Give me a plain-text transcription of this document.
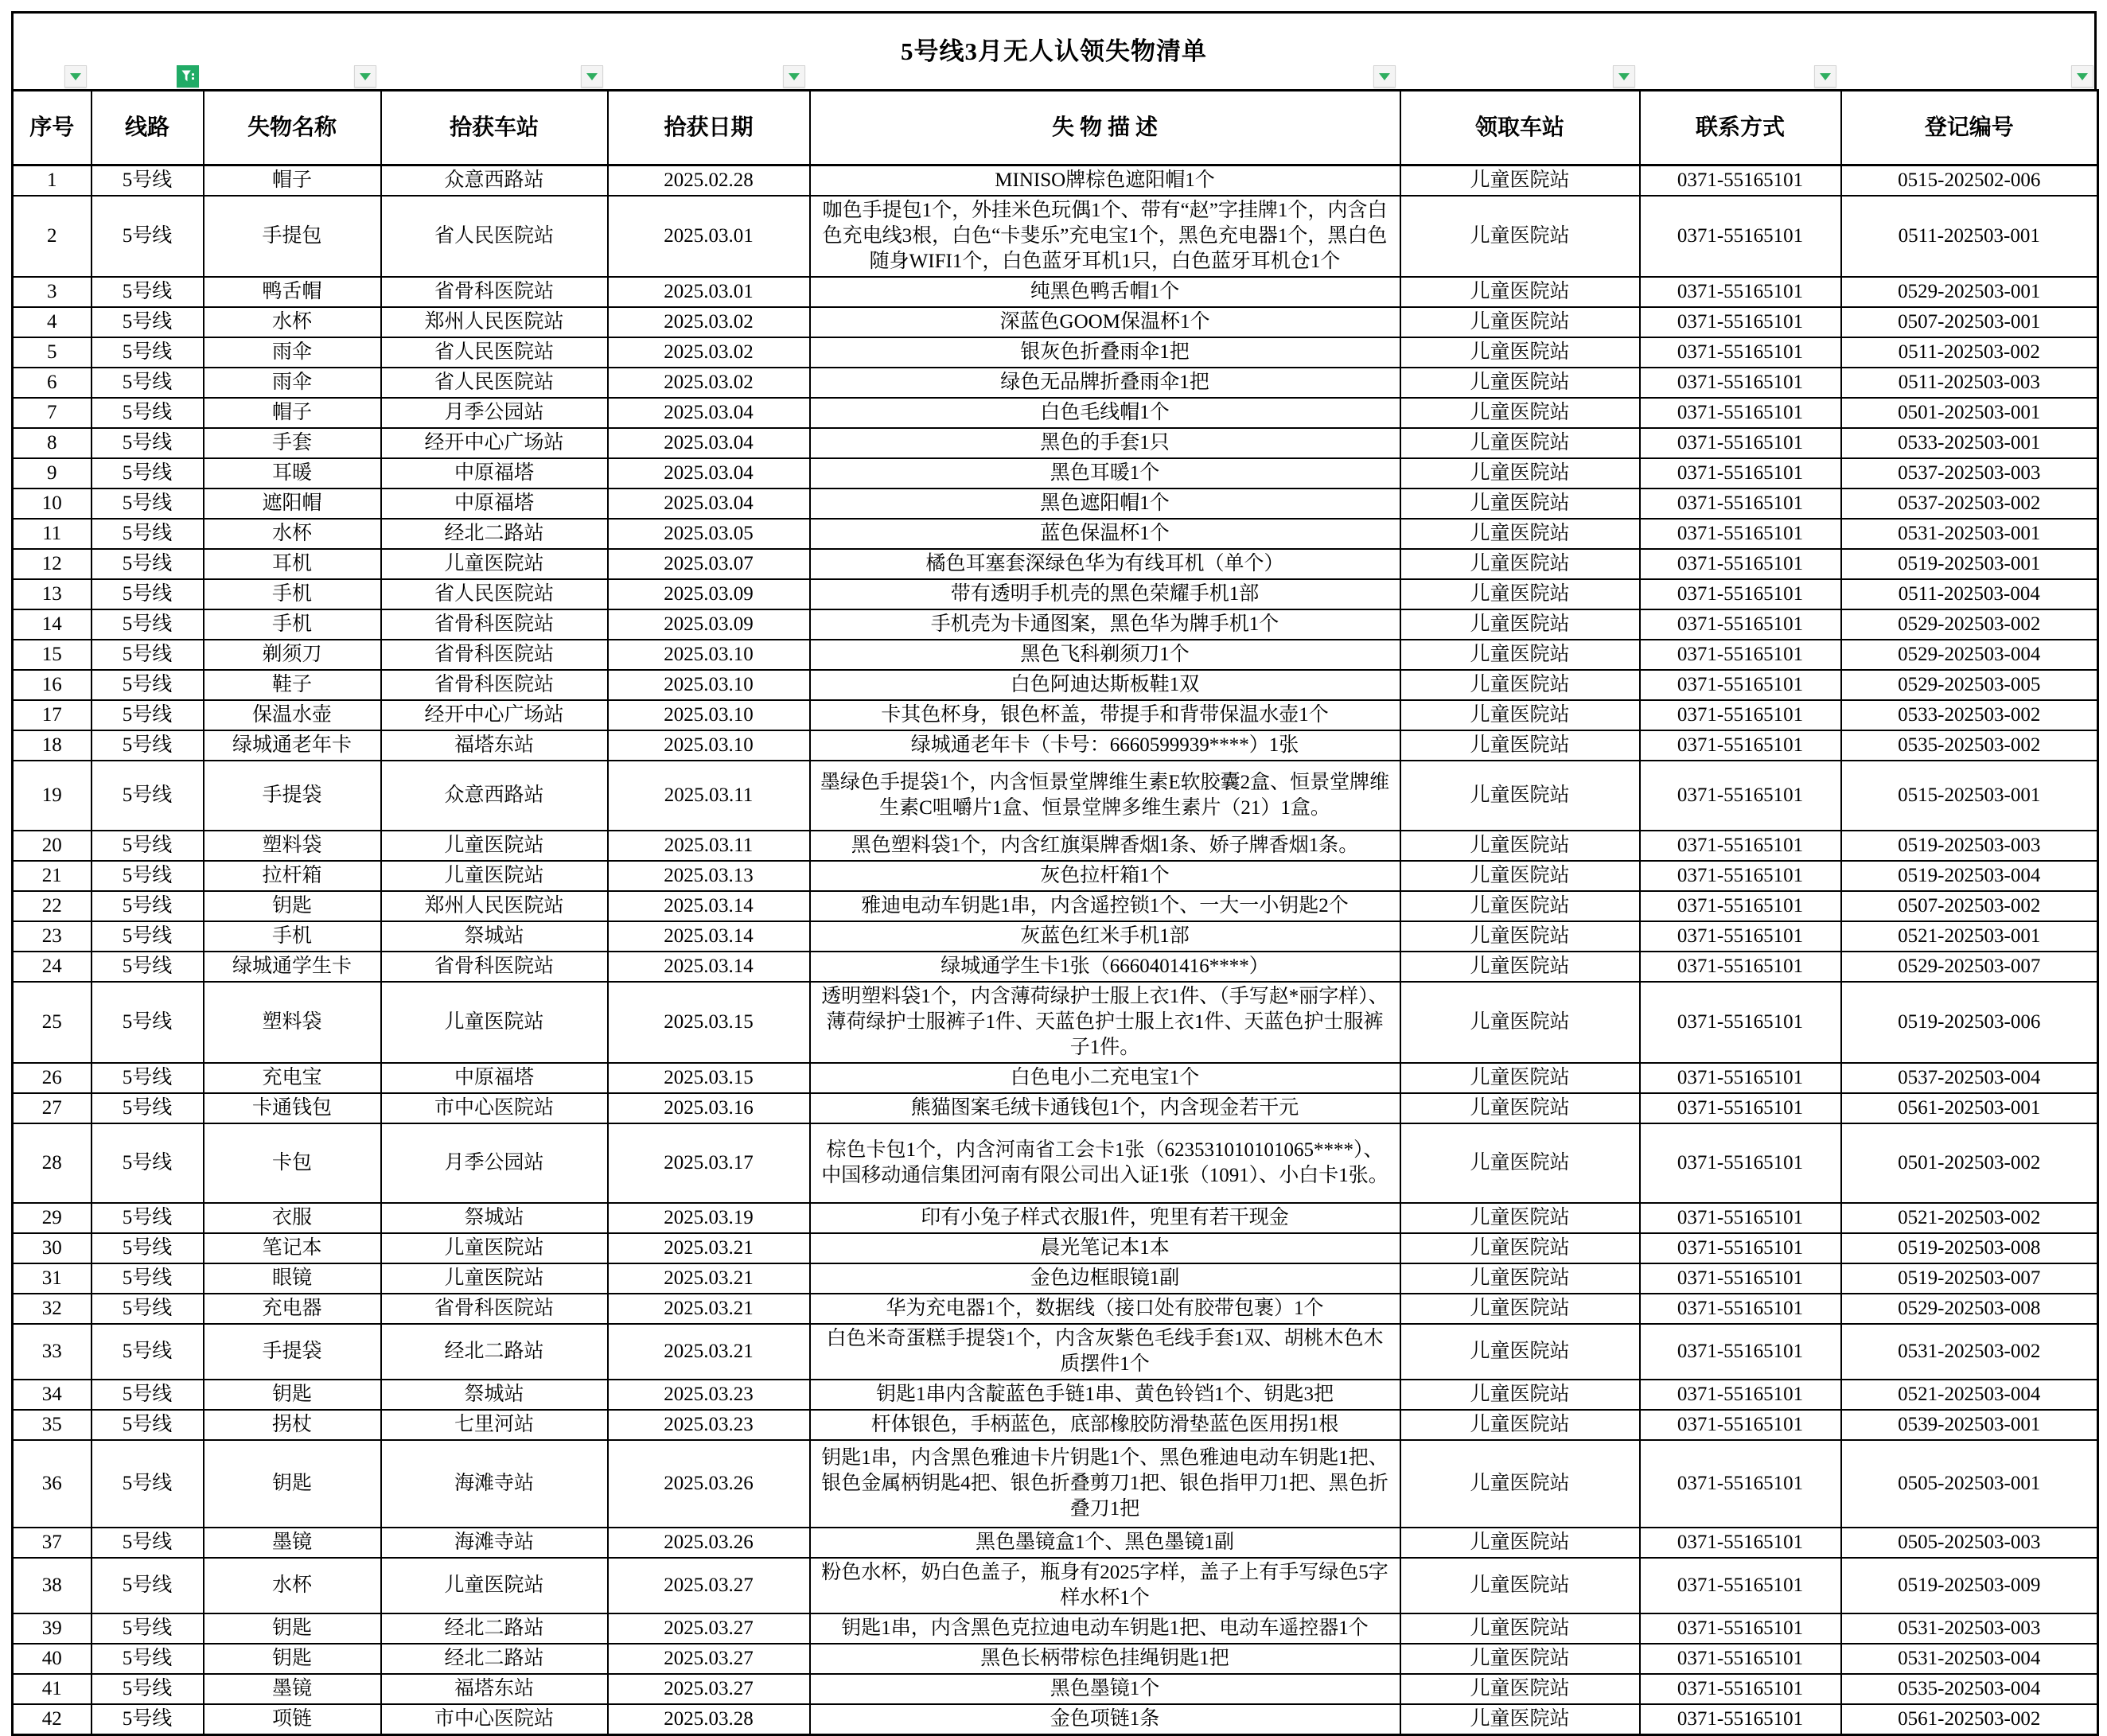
5号线3月无人认领失物清单
序号	线路	失物名称	拾获车站	拾获日期	失 物 描 述	领取车站	联系方式	登记编号
1	5号线	帽子	众意西路站	2025.02.28	MINISO牌棕色遮阳帽1个	儿童医院站	0371-55165101	0515-202502-006
2	5号线	手提包	省人民医院站	2025.03.01	咖色手提包1个，外挂米色玩偶1个、带有“赵”字挂牌1个，内含白色充电线3根，白色“卡斐乐”充电宝1个，黑色充电器1个，黑白色随身WIFI1个，白色蓝牙耳机1只，白色蓝牙耳机仓1个	儿童医院站	0371-55165101	0511-202503-001
3	5号线	鸭舌帽	省骨科医院站	2025.03.01	纯黑色鸭舌帽1个	儿童医院站	0371-55165101	0529-202503-001
4	5号线	水杯	郑州人民医院站	2025.03.02	深蓝色GOOM保温杯1个	儿童医院站	0371-55165101	0507-202503-001
5	5号线	雨伞	省人民医院站	2025.03.02	银灰色折叠雨伞1把	儿童医院站	0371-55165101	0511-202503-002
6	5号线	雨伞	省人民医院站	2025.03.02	绿色无品牌折叠雨伞1把	儿童医院站	0371-55165101	0511-202503-003
7	5号线	帽子	月季公园站	2025.03.04	白色毛线帽1个	儿童医院站	0371-55165101	0501-202503-001
8	5号线	手套	经开中心广场站	2025.03.04	黑色的手套1只	儿童医院站	0371-55165101	0533-202503-001
9	5号线	耳暖	中原福塔	2025.03.04	黑色耳暖1个	儿童医院站	0371-55165101	0537-202503-003
10	5号线	遮阳帽	中原福塔	2025.03.04	黑色遮阳帽1个	儿童医院站	0371-55165101	0537-202503-002
11	5号线	水杯	经北二路站	2025.03.05	蓝色保温杯1个	儿童医院站	0371-55165101	0531-202503-001
12	5号线	耳机	儿童医院站	2025.03.07	橘色耳塞套深绿色华为有线耳机（单个）	儿童医院站	0371-55165101	0519-202503-001
13	5号线	手机	省人民医院站	2025.03.09	带有透明手机壳的黑色荣耀手机1部	儿童医院站	0371-55165101	0511-202503-004
14	5号线	手机	省骨科医院站	2025.03.09	手机壳为卡通图案，黑色华为牌手机1个	儿童医院站	0371-55165101	0529-202503-002
15	5号线	剃须刀	省骨科医院站	2025.03.10	黑色飞科剃须刀1个	儿童医院站	0371-55165101	0529-202503-004
16	5号线	鞋子	省骨科医院站	2025.03.10	白色阿迪达斯板鞋1双	儿童医院站	0371-55165101	0529-202503-005
17	5号线	保温水壶	经开中心广场站	2025.03.10	卡其色杯身，银色杯盖，带提手和背带保温水壶1个	儿童医院站	0371-55165101	0533-202503-002
18	5号线	绿城通老年卡	福塔东站	2025.03.10	绿城通老年卡（卡号：6660599939****）1张	儿童医院站	0371-55165101	0535-202503-002
19	5号线	手提袋	众意西路站	2025.03.11	墨绿色手提袋1个，内含恒景堂牌维生素E软胶囊2盒、恒景堂牌维生素C咀嚼片1盒、恒景堂牌多维生素片（21）1盒。	儿童医院站	0371-55165101	0515-202503-001
20	5号线	塑料袋	儿童医院站	2025.03.11	黑色塑料袋1个，内含红旗渠牌香烟1条、娇子牌香烟1条。	儿童医院站	0371-55165101	0519-202503-003
21	5号线	拉杆箱	儿童医院站	2025.03.13	灰色拉杆箱1个	儿童医院站	0371-55165101	0519-202503-004
22	5号线	钥匙	郑州人民医院站	2025.03.14	雅迪电动车钥匙1串，内含遥控锁1个、一大一小钥匙2个	儿童医院站	0371-55165101	0507-202503-002
23	5号线	手机	祭城站	2025.03.14	灰蓝色红米手机1部	儿童医院站	0371-55165101	0521-202503-001
24	5号线	绿城通学生卡	省骨科医院站	2025.03.14	绿城通学生卡1张（6660401416****）	儿童医院站	0371-55165101	0529-202503-007
25	5号线	塑料袋	儿童医院站	2025.03.15	透明塑料袋1个，内含薄荷绿护士服上衣1件、（手写赵*丽字样）、薄荷绿护士服裤子1件、天蓝色护士服上衣1件、天蓝色护士服裤子1件。	儿童医院站	0371-55165101	0519-202503-006
26	5号线	充电宝	中原福塔	2025.03.15	白色电小二充电宝1个	儿童医院站	0371-55165101	0537-202503-004
27	5号线	卡通钱包	市中心医院站	2025.03.16	熊猫图案毛绒卡通钱包1个，内含现金若干元	儿童医院站	0371-55165101	0561-202503-001
28	5号线	卡包	月季公园站	2025.03.17	棕色卡包1个，内含河南省工会卡1张（623531010101065****）、中国移动通信集团河南有限公司出入证1张（1091）、小白卡1张。	儿童医院站	0371-55165101	0501-202503-002
29	5号线	衣服	祭城站	2025.03.19	印有小兔子样式衣服1件，兜里有若干现金	儿童医院站	0371-55165101	0521-202503-002
30	5号线	笔记本	儿童医院站	2025.03.21	晨光笔记本1本	儿童医院站	0371-55165101	0519-202503-008
31	5号线	眼镜	儿童医院站	2025.03.21	金色边框眼镜1副	儿童医院站	0371-55165101	0519-202503-007
32	5号线	充电器	省骨科医院站	2025.03.21	华为充电器1个，数据线（接口处有胶带包裹）1个	儿童医院站	0371-55165101	0529-202503-008
33	5号线	手提袋	经北二路站	2025.03.21	白色米奇蛋糕手提袋1个，内含灰紫色毛线手套1双、胡桃木色木质摆件1个	儿童医院站	0371-55165101	0531-202503-002
34	5号线	钥匙	祭城站	2025.03.23	钥匙1串内含靛蓝色手链1串、黄色铃铛1个、钥匙3把	儿童医院站	0371-55165101	0521-202503-004
35	5号线	拐杖	七里河站	2025.03.23	杆体银色，手柄蓝色，底部橡胶防滑垫蓝色医用拐1根	儿童医院站	0371-55165101	0539-202503-001
36	5号线	钥匙	海滩寺站	2025.03.26	钥匙1串，内含黑色雅迪卡片钥匙1个、黑色雅迪电动车钥匙1把、银色金属柄钥匙4把、银色折叠剪刀1把、银色指甲刀1把、黑色折叠刀1把	儿童医院站	0371-55165101	0505-202503-001
37	5号线	墨镜	海滩寺站	2025.03.26	黑色墨镜盒1个、黑色墨镜1副	儿童医院站	0371-55165101	0505-202503-003
38	5号线	水杯	儿童医院站	2025.03.27	粉色水杯，奶白色盖子，瓶身有2025字样，盖子上有手写绿色5字样水杯1个	儿童医院站	0371-55165101	0519-202503-009
39	5号线	钥匙	经北二路站	2025.03.27	钥匙1串，内含黑色克拉迪电动车钥匙1把、电动车遥控器1个	儿童医院站	0371-55165101	0531-202503-003
40	5号线	钥匙	经北二路站	2025.03.27	黑色长柄带棕色挂绳钥匙1把	儿童医院站	0371-55165101	0531-202503-004
41	5号线	墨镜	福塔东站	2025.03.27	黑色墨镜1个	儿童医院站	0371-55165101	0535-202503-004
42	5号线	项链	市中心医院站	2025.03.28	金色项链1条	儿童医院站	0371-55165101	0561-202503-002
